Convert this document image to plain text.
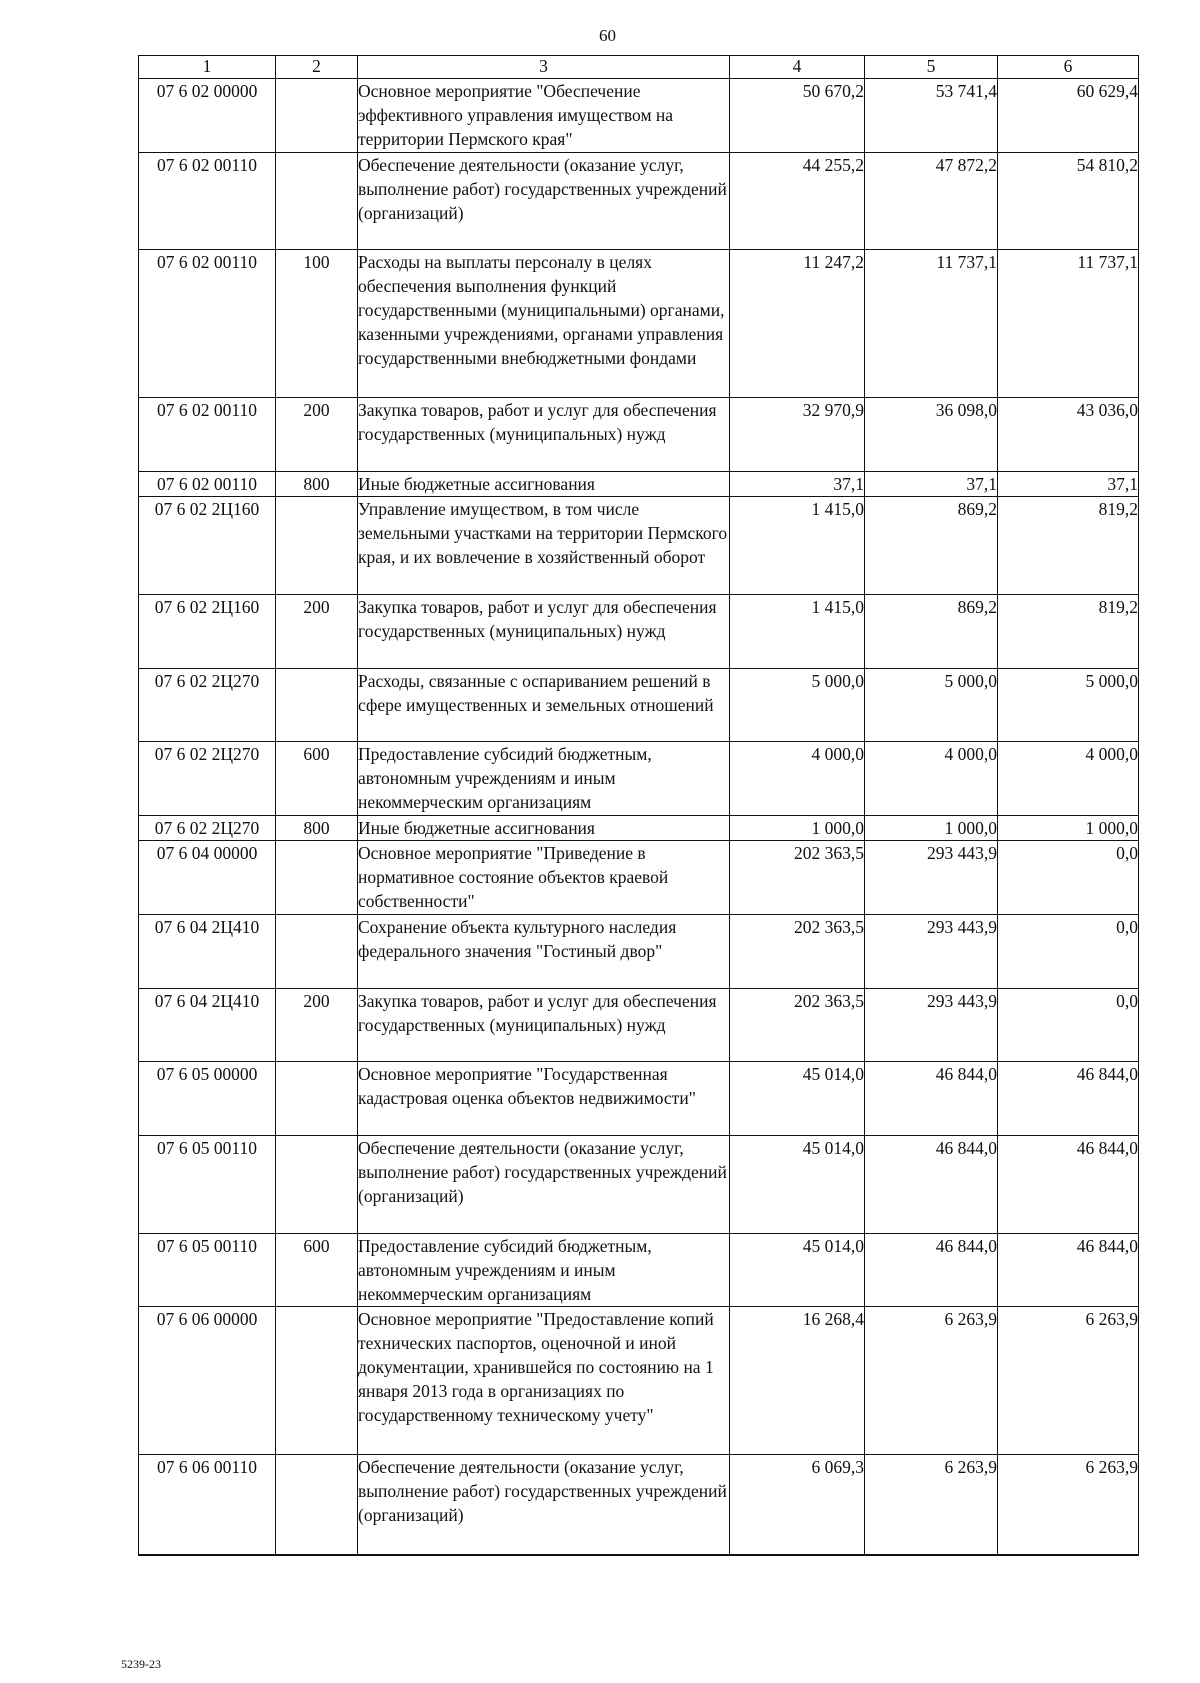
60
1	2	3	4	5	6
07 6 02 00000		Основное мероприятие "Обеспечение эффективного управления имуществом на территории Пермского края"	50 670,2	53 741,4	60 629,4
07 6 02 00110		Обеспечение деятельности (оказание услуг, выполнение работ) государственных учреждений (организаций)	44 255,2	47 872,2	54 810,2
07 6 02 00110	100	Расходы на выплаты персоналу в целях обеспечения выполнения функций государственными (муниципальными) органами, казенными учреждениями, органами управления государственными внебюджетными фондами	11 247,2	11 737,1	11 737,1
07 6 02 00110	200	Закупка товаров, работ и услуг для обеспечения государственных (муниципальных) нужд	32 970,9	36 098,0	43 036,0
07 6 02 00110	800	Иные бюджетные ассигнования	37,1	37,1	37,1
07 6 02 2Ц160		Управление имуществом, в том числе земельными участками на территории Пермского края, и их вовлечение в хозяйственный оборот	1 415,0	869,2	819,2
07 6 02 2Ц160	200	Закупка товаров, работ и услуг для обеспечения государственных (муниципальных) нужд	1 415,0	869,2	819,2
07 6 02 2Ц270		Расходы, связанные с оспариванием решений в сфере имущественных и земельных отношений	5 000,0	5 000,0	5 000,0
07 6 02 2Ц270	600	Предоставление субсидий бюджетным, автономным учреждениям и иным некоммерческим организациям	4 000,0	4 000,0	4 000,0
07 6 02 2Ц270	800	Иные бюджетные ассигнования	1 000,0	1 000,0	1 000,0
07 6 04 00000		Основное мероприятие "Приведение в нормативное состояние объектов краевой собственности"	202 363,5	293 443,9	0,0
07 6 04 2Ц410		Сохранение объекта культурного наследия федерального значения "Гостиный двор"	202 363,5	293 443,9	0,0
07 6 04 2Ц410	200	Закупка товаров, работ и услуг для обеспечения государственных (муниципальных) нужд	202 363,5	293 443,9	0,0
07 6 05 00000		Основное мероприятие "Государственная кадастровая оценка объектов недвижимости"	45 014,0	46 844,0	46 844,0
07 6 05 00110		Обеспечение деятельности (оказание услуг, выполнение работ) государственных учреждений (организаций)	45 014,0	46 844,0	46 844,0
07 6 05 00110	600	Предоставление субсидий бюджетным, автономным учреждениям и иным некоммерческим организациям	45 014,0	46 844,0	46 844,0
07 6 06 00000		Основное мероприятие "Предоставление копий технических паспортов, оценочной и иной документации, хранившейся по состоянию на 1 января 2013 года в организациях по государственному техническому учету"	16 268,4	6 263,9	6 263,9
07 6 06 00110		Обеспечение деятельности (оказание услуг, выполнение работ) государственных учреждений (организаций)	6 069,3	6 263,9	6 263,9
5239-23
